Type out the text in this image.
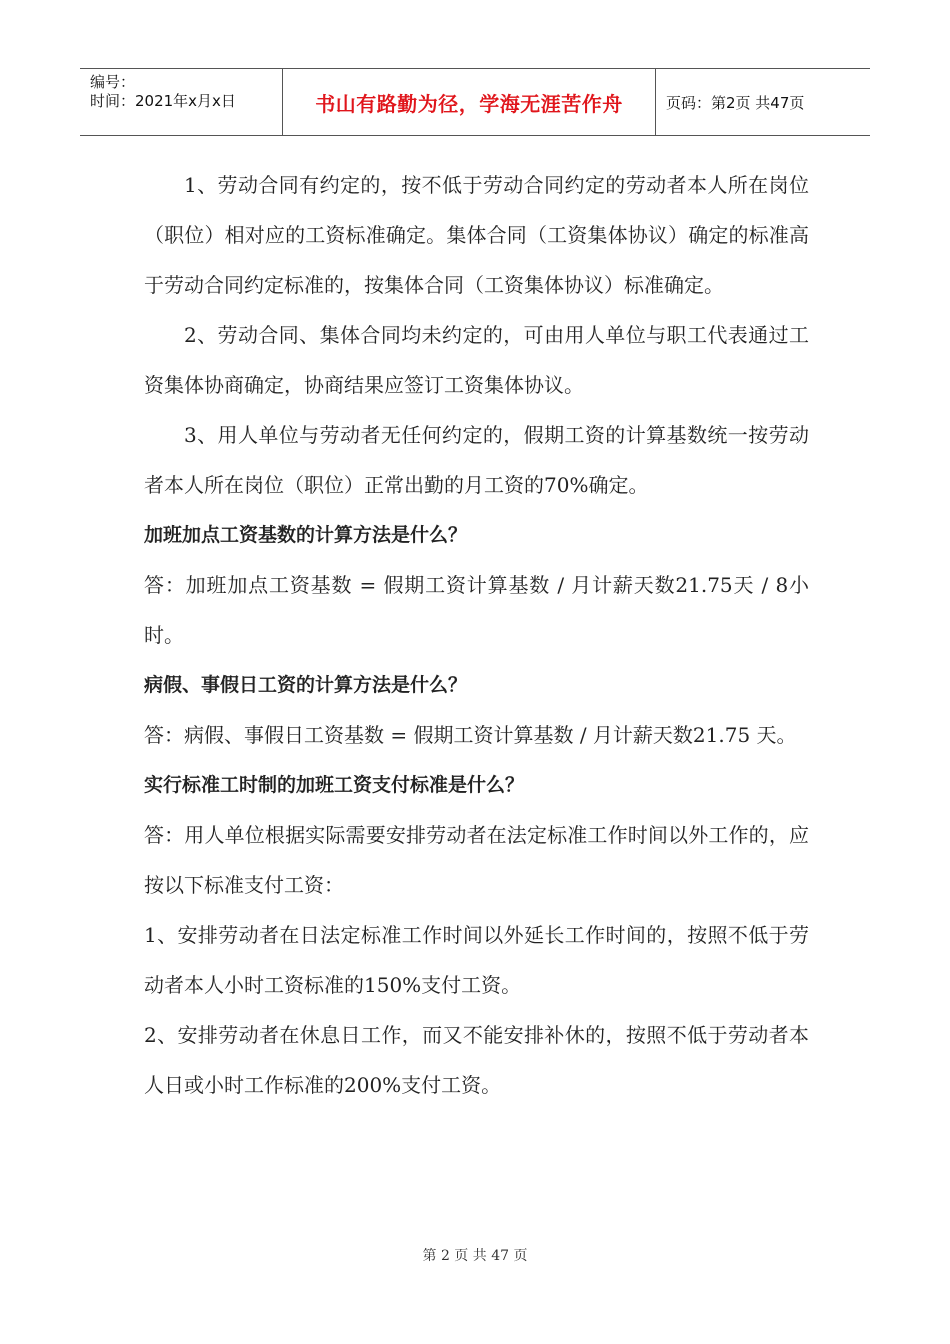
编号：
时间：2021年x月x日	书山有路勤为径，学海无涯苦作舟	页码：第2页 共47页

1、劳动合同有约定的，按不低于劳动合同约定的劳动者本人所在岗位（职位）相对应的工资标准确定。集体合同（工资集体协议）确定的标准高于劳动合同约定标准的，按集体合同（工资集体协议）标准确定。

2、劳动合同、集体合同均未约定的，可由用人单位与职工代表通过工资集体协商确定，协商结果应签订工资集体协议。

3、用人单位与劳动者无任何约定的，假期工资的计算基数统一按劳动者本人所在岗位（职位）正常出勤的月工资的70%确定。

加班加点工资基数的计算方法是什么？

答：加班加点工资基数 = 假期工资计算基数 / 月计薪天数21.75天 / 8小时。

病假、事假日工资的计算方法是什么？

答：病假、事假日工资基数 = 假期工资计算基数 / 月计薪天数21.75 天。

实行标准工时制的加班工资支付标准是什么？

答：用人单位根据实际需要安排劳动者在法定标准工作时间以外工作的，应按以下标准支付工资：

1、安排劳动者在日法定标准工作时间以外延长工作时间的，按照不低于劳动者本人小时工资标准的150%支付工资。

2、安排劳动者在休息日工作，而又不能安排补休的，按照不低于劳动者本人日或小时工作标准的200%支付工资。

第 2 页 共 47 页
